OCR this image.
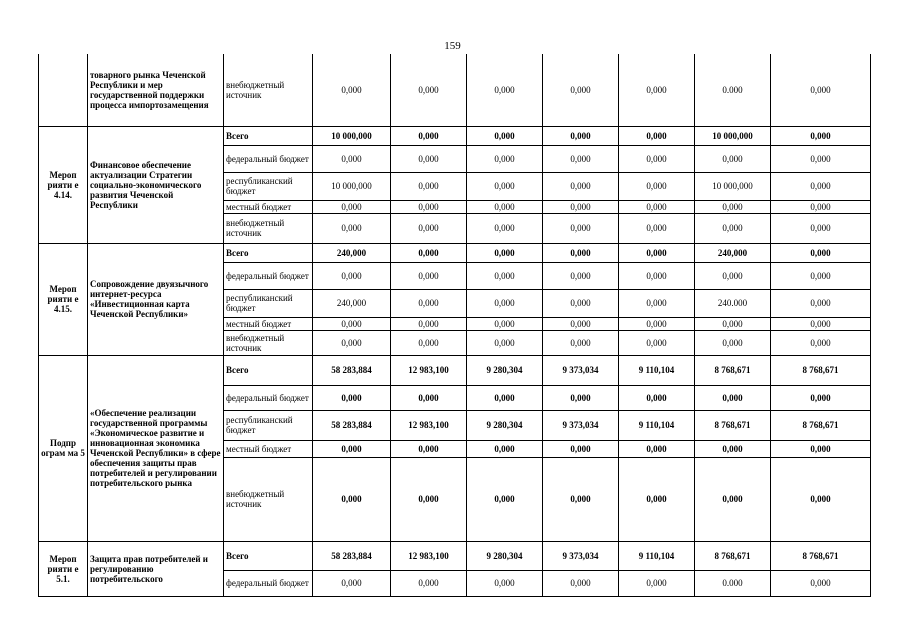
159
	товарного рынка Чеченской Республики и мер государственной поддержки процесса импортозамещения	внебюджетный источник	0,000	0,000	0,000	0,000	0,000	0.000	0,000
Мероп рияти е 4.14.	Финансовое обеспечение актуализации Стратегии социально-экономического развития Чеченской Республики	Всего	10 000,000	0,000	0,000	0,000	0,000	10 000,000	0,000
		федеральный бюджет	0,000	0,000	0,000	0,000	0,000	0,000	0,000
		республиканский бюджет	10 000,000	0,000	0,000	0,000	0,000	10 000,000	0,000
		местный бюджет	0,000	0,000	0,000	0,000	0,000	0,000	0,000
		внебюджетный источник	0,000	0,000	0,000	0,000	0,000	0,000	0,000
Мероп рияти е 4.15.	Сопровождение двуязычного интернет-ресурса «Инвестиционная карта Чеченской Республики»	Всего	240,000	0,000	0,000	0,000	0,000	240,000	0,000
		федеральный бюджет	0,000	0,000	0,000	0,000	0,000	0,000	0,000
		республиканский бюджет	240,000	0,000	0,000	0,000	0,000	240.000	0,000
		местный бюджет	0,000	0,000	0,000	0,000	0,000	0,000	0,000
		внебюджетный источник	0,000	0,000	0,000	0,000	0,000	0,000	0,000
Подпр ограм ма 5	«Обеспечение реализации государственной программы «Экономическое развитие и инновационная экономика Чеченской Республики» в сфере обеспечения защиты прав потребителей и регулировании потребительского рынка	Всего	58 283,884	12 983,100	9 280,304	9 373,034	9 110,104	8 768,671	8 768,671
		федеральный бюджет	0,000	0,000	0,000	0,000	0,000	0,000	0,000
		республиканский бюджет	58 283,884	12 983,100	9 280,304	9 373,034	9 110,104	8 768,671	8 768,671
		местный бюджет	0,000	0,000	0,000	0,000	0,000	0,000	0,000
		внебюджетный источник	0,000	0,000	0,000	0,000	0,000	0,000	0,000
Мероп рияти е 5.1.	Защита прав потребителей и регулированию потребительского	Всего	58 283,884	12 983,100	9 280,304	9 373,034	9 110,104	8 768,671	8 768,671
		федеральный бюджет	0,000	0,000	0,000	0,000	0,000	0.000	0,000
